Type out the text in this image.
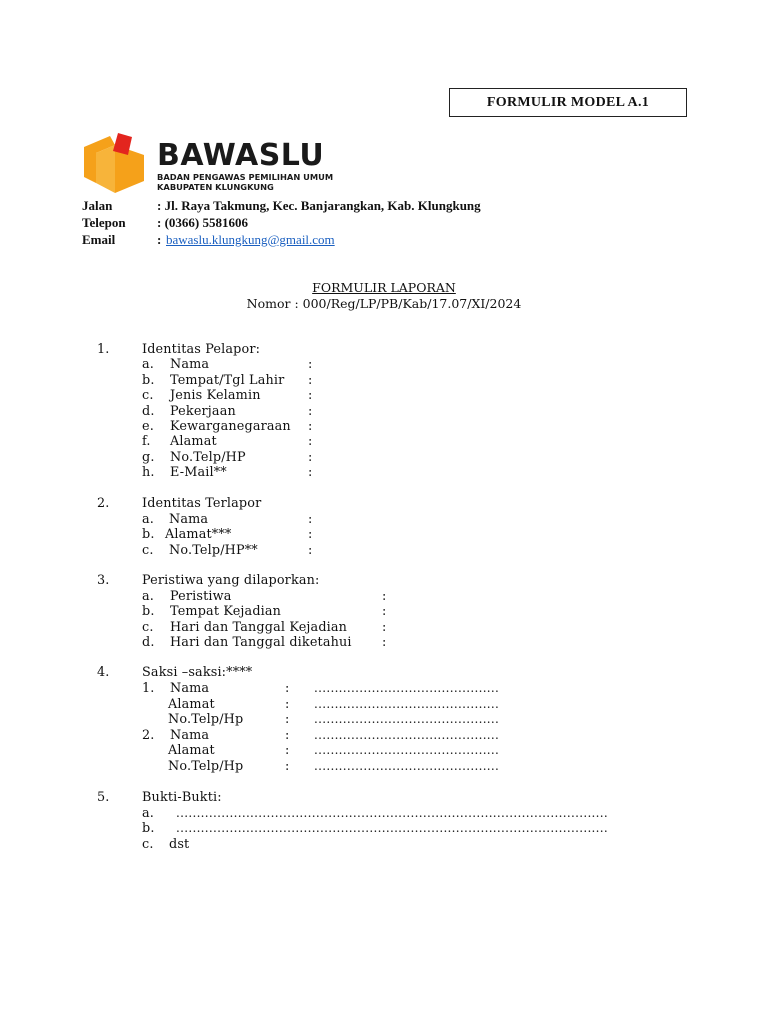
FORMULIR MODEL A.1
BAWASLU
BADAN PENGAWAS PEMILIHAN UMUM
KABUPATEN KLUNGKUNG
Jalan	: Jl. Raya Takmung, Kec. Banjarangkan, Kab. Klungkung
Telepon : (0366) 5581606
Email	: bawaslu.klungkung@gmail.com
FORMULIR LAPORAN
Nomor : 000/Reg/LP/PB/Kab/17.07/XI/2024
1.	Identitas Pelapor:
a. Nama	:
b. Tempat/Tgl Lahir :
c. Jenis Kelamin	:
d. Pekerjaan	:
e. Kewarganegaraan :
f. Alamat	:
g. No.Telp/HP	:
h. E-Mail**	:
2.	Identitas Terlapor
a. Nama	:
b. Alamat***	:
c. No.Telp/HP**	:
3.	Peristiwa yang dilaporkan:
a. Peristiwa	:
b. Tempat Kejadian	:
c. Hari dan Tanggal Kejadian	:
d. Hari dan Tanggal diketahui :
4.	Saksi –saksi:****
1. Nama	: .............................................
Alamat	: .............................................
No.Telp/Hp	: .............................................
2. Nama	: .............................................
Alamat	: .............................................
No.Telp/Hp	: .............................................
5.	Bukti-Bukti:
a. .........................................................................................................
b. .........................................................................................................
c. dst
